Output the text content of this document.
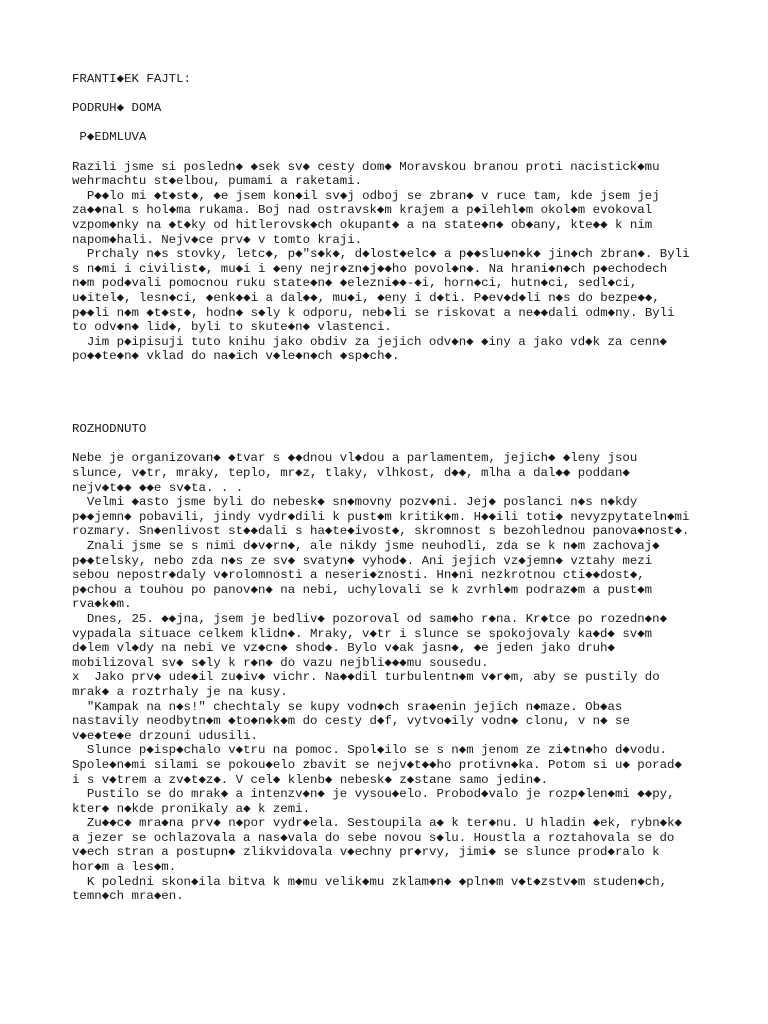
FRANTI◆EK FAJTL:
PODRUH◆ DOMA
P◆EDMLUVA
Razili jsme si posledn◆ ◆sek sv◆ cesty dom◆ Moravskou branou proti nacistick◆mu
wehrmachtu st◆elbou, pumami a raketami.
P◆◆lo mi ◆t◆st◆, ◆e jsem kon◆il sv◆j odboj se zbran◆ v ruce tam, kde jsem jej
za◆◆nal s hol◆ma rukama. Boj nad ostravsk◆m krajem a p◆ilehl◆m okol◆m evokoval
vzpom◆nky na ◆t◆ky od hitlerovsk◆ch okupant◆ a na state◆n◆ ob◆any, kte◆◆ k nim
napom◆hali. Nejv◆ce prv◆ v tomto kraji.
Prchaly n◆s stovky, letc◆, p◆"s◆k◆, d◆lost◆elc◆ a p◆◆slu◆n◆k◆ jin◆ch zbran◆. Byli
s n◆mi i civilist◆, mu◆i i ◆eny nejr◆zn◆j◆◆ho povol◆n◆. Na hrani◆n◆ch p◆echodech
n◆m pod◆vali pomocnou ruku state◆n◆ ◆elezni◆◆-◆i, horn◆ci, hutn◆ci, sedl◆ci,
u◆itel◆, lesn◆ci, ◆enk◆◆i a dal◆◆, mu◆i, ◆eny i d◆ti. P◆ev◆d◆li n◆s do bezpe◆◆,
p◆◆li n◆m ◆t◆st◆, hodn◆ s◆ly k odporu, neb◆li se riskovat a ne◆◆dali odm◆ny. Byli
to odv◆n◆ lid◆, byli to skute◆n◆ vlastenci.
Jim p◆ipisuji tuto knihu jako obdiv za jejich odv◆n◆ ◆iny a jako vd◆k za cenn◆
po◆◆te◆n◆ vklad do na◆ich v◆le◆n◆ch ◆sp◆ch◆.
ROZHODNUTO
Nebe je organizovan◆ ◆tvar s ◆◆dnou vl◆dou a parlamentem, jejich◆ ◆leny jsou
slunce, v◆tr, mraky, teplo, mr◆z, tlaky, vlhkost, d◆◆, mlha a dal◆◆ poddan◆
nejv◆t◆◆ ◆◆e sv◆ta. . .
Velmi ◆asto jsme byli do nebesk◆ sn◆movny pozv◆ni. Jej◆ poslanci n◆s n◆kdy
p◆◆jemn◆ pobavili, jindy vydr◆dili k pust◆m kritik◆m. H◆◆ili toti◆ nevyzpytateln◆mi
rozmary. Sn◆enlivost st◆◆dali s ha◆te◆ivost◆, skromnost s bezohlednou panova◆nost◆.
Znali jsme se s nimi d◆v◆rn◆, ale nikdy jsme neuhodli, zda se k n◆m zachovaj◆
p◆◆telsky, nebo zda n◆s ze sv◆ svatyn◆ vyhod◆. Ani jejich vz◆jemn◆ vztahy mezi
sebou nepostr◆daly v◆rolomnosti a neseri◆znosti. Hn◆ni nezkrotnou cti◆◆dost◆,
p◆chou a touhou po panov◆n◆ na nebi, uchylovali se k zvrhl◆m podraz◆m a pust◆m
rva◆k◆m.
Dnes, 25. ◆◆jna, jsem je bedliv◆ pozoroval od sam◆ho r◆na. Kr◆tce po rozedn◆n◆
vypadala situace celkem klidn◆. Mraky, v◆tr i slunce se spokojovaly ka◆d◆ sv◆m
d◆lem vl◆dy na nebi ve vz◆cn◆ shod◆. Bylo v◆ak jasn◆, ◆e jeden jako druh◆
mobilizoval sv◆ s◆ly k r◆n◆ do vazu nejbli◆◆◆mu sousedu.
x  Jako prv◆ ude◆il zu◆iv◆ vichr. Na◆◆dil turbulentn◆m v◆r◆m, aby se pustily do
mrak◆ a roztrhaly je na kusy.
"Kampak na n◆s!" chechtaly se kupy vodn◆ch sra◆enin jejich n◆maze. Ob◆as
nastavily neodbytn◆m ◆to◆n◆k◆m do cesty d◆f, vytvo◆ily vodn◆ clonu, v n◆ se
v◆e◆te◆e drzouni udusili.
Slunce p◆isp◆chalo v◆tru na pomoc. Spol◆ilo se s n◆m jenom ze zi◆tn◆ho d◆vodu.
Spole◆n◆mi silami se pokou◆elo zbavit se nejv◆t◆◆ho protivn◆ka. Potom si u◆ porad◆
i s v◆trem a zv◆t◆z◆. V cel◆ klenb◆ nebesk◆ z◆stane samo jedin◆.
Pustilo se do mrak◆ a intenzv◆n◆ je vysou◆elo. Probod◆valo je rozp◆len◆mi ◆◆py,
kter◆ n◆kde pronikaly a◆ k zemi.
Zu◆◆c◆ mra◆na prv◆ n◆por vydr◆ela. Sestoupila a◆ k ter◆nu. U hladin ◆ek, rybn◆k◆
a jezer se ochlazovala a nas◆vala do sebe novou s◆lu. Houstla a roztahovala se do
v◆ech stran a postupn◆ zlikvidovala v◆echny pr◆rvy, jimi◆ se slunce prod◆ralo k
hor◆m a les◆m.
K poledni skon◆ila bitva k m◆mu velik◆mu zklam◆n◆ ◆pln◆m v◆t◆zstv◆m studen◆ch,
temn◆ch mra◆en.
